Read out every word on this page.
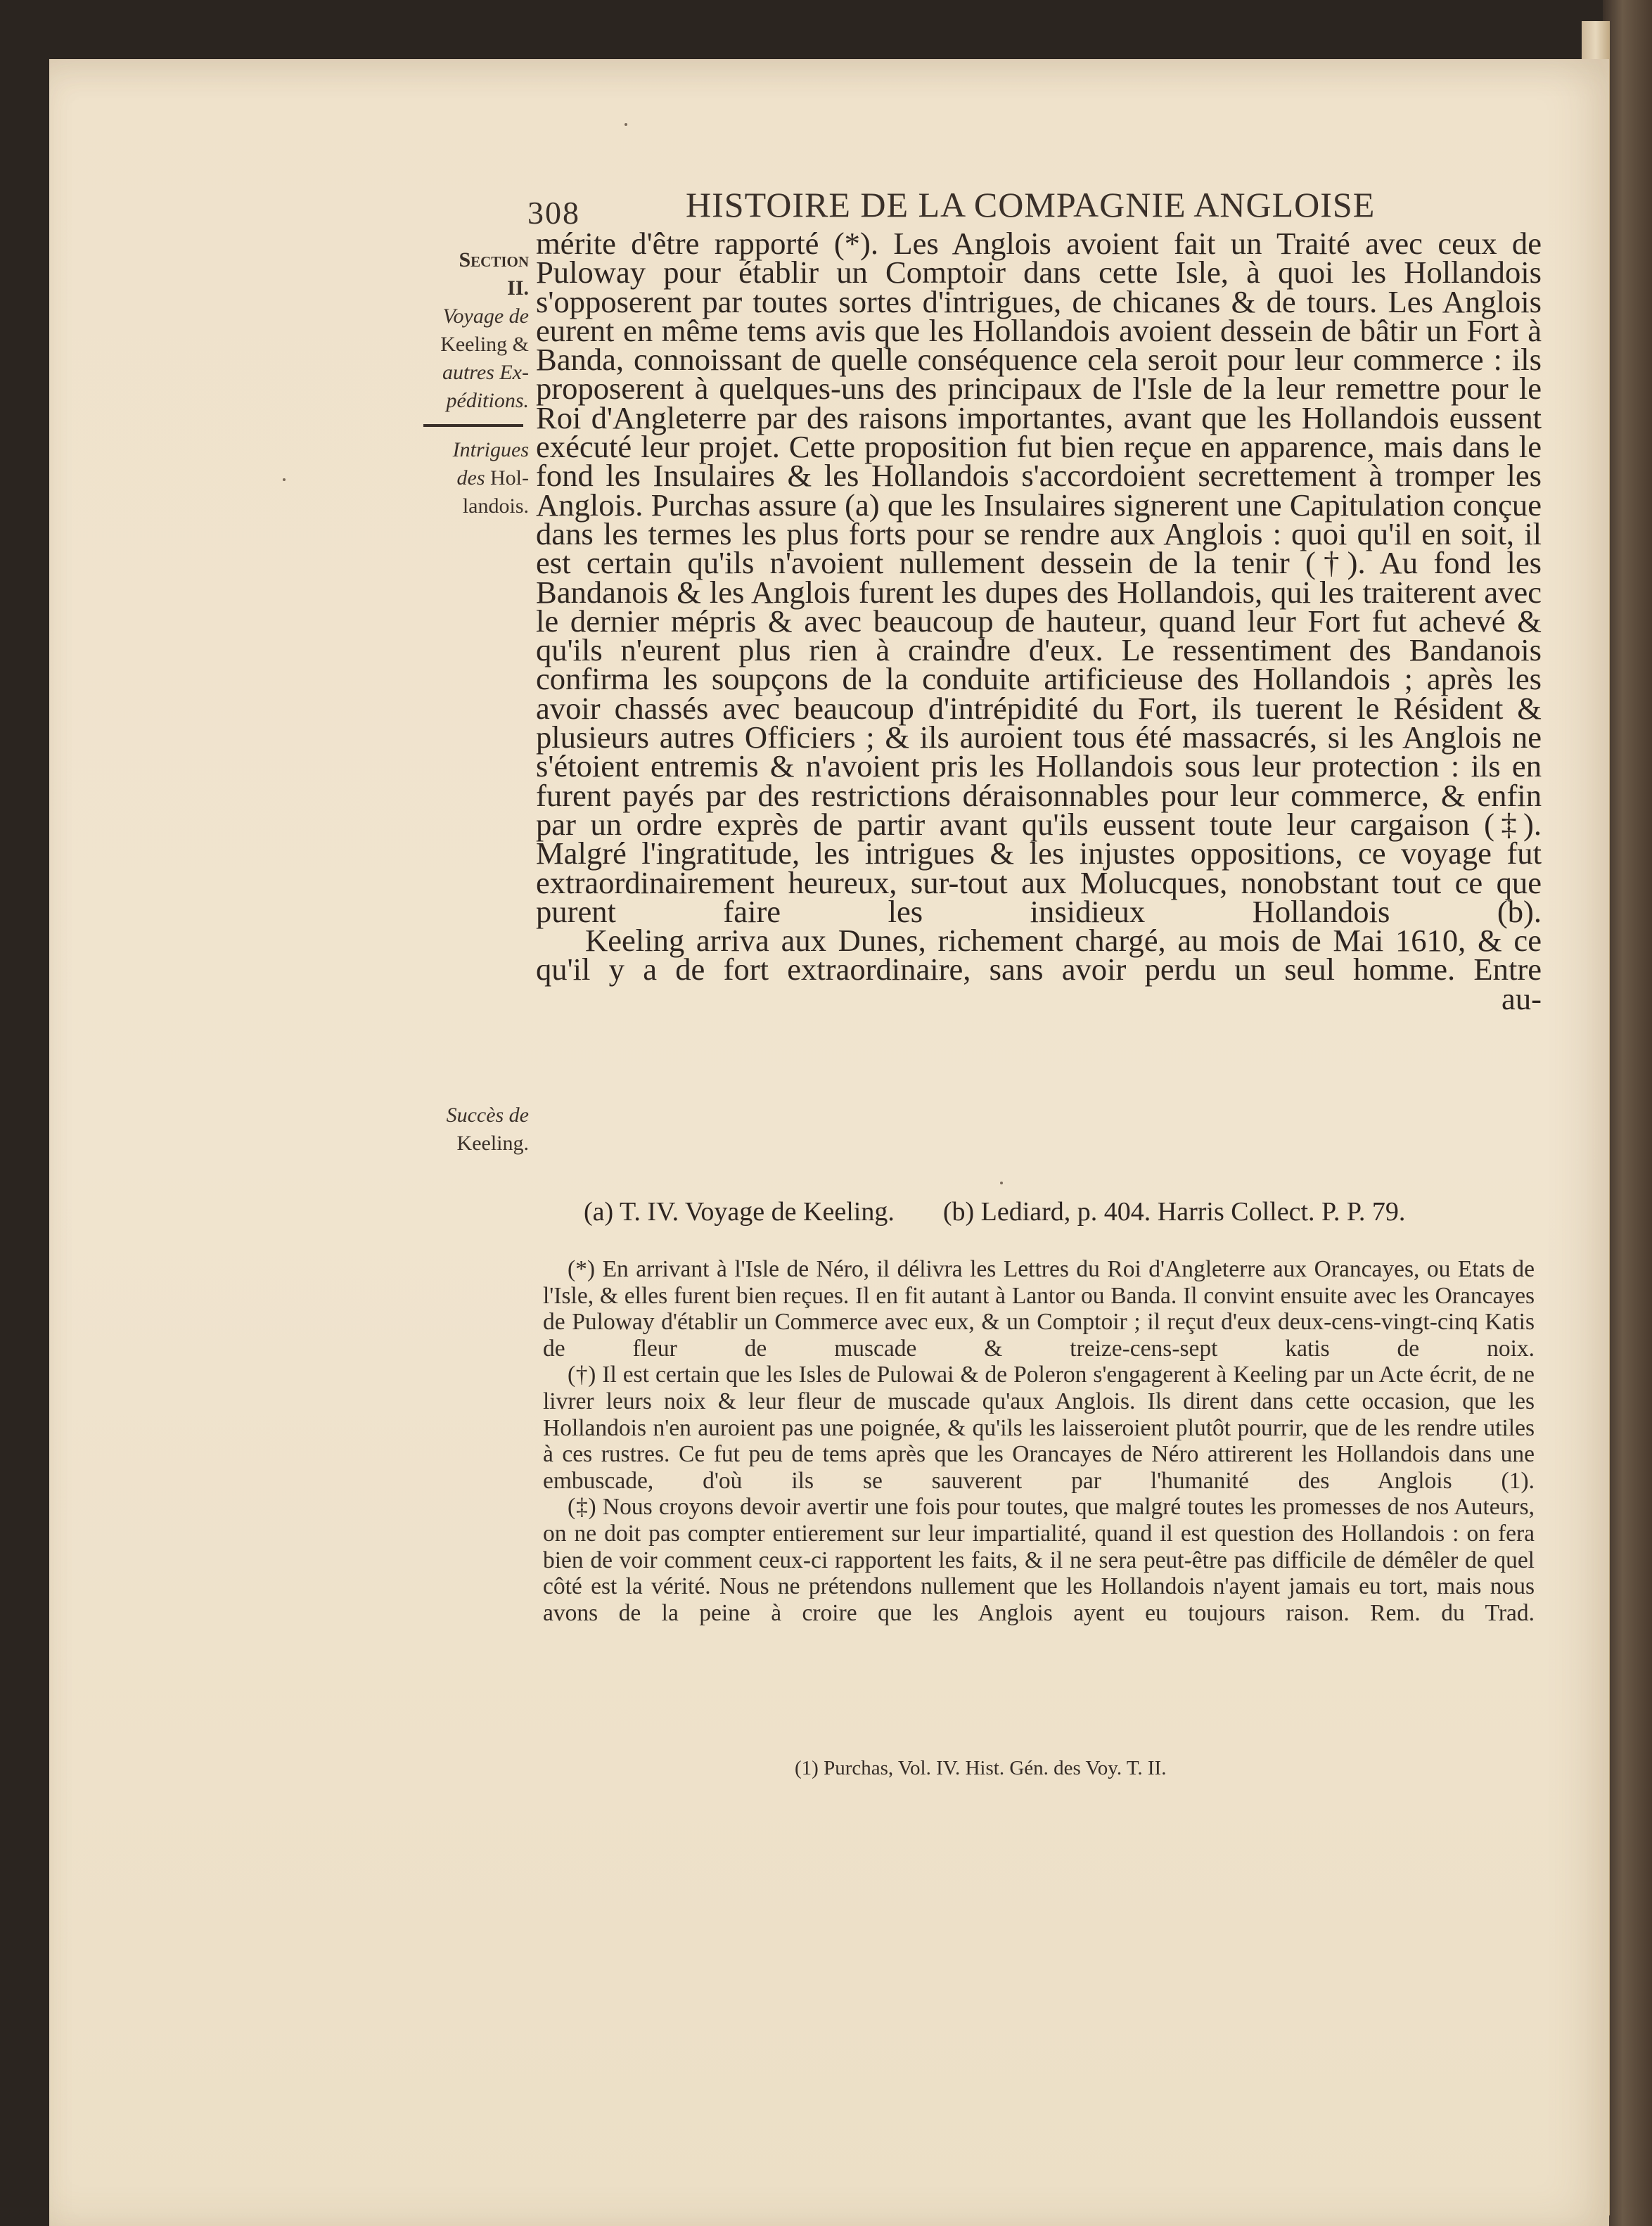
308	HISTOIRE DE LA COMPAGNIE ANGLOISE
Section
II.
Voyage de
Keeling &
autres Ex-
péditions.
Intrigues
des Hol-
landois.
Succès de
Keeling.

mérite d'être rapporté (*). Les Anglois avoient fait un Traité avec ceux de Puloway pour établir un Comptoir dans cette Isle, à quoi les Hollandois s'opposerent par toutes sortes d'intrigues, de chicanes & de tours. Les Anglois eurent en même tems avis que les Hollandois avoient dessein de bâtir un Fort à Banda, connoissant de quelle conséquence cela seroit pour leur commerce : ils proposerent à quelques-uns des principaux de l'Isle de la leur remettre pour le Roi d'Angleterre par des raisons importantes, avant que les Hollandois eussent exécuté leur projet. Cette proposition fut bien reçue en apparence, mais dans le fond les Insulaires & les Hollandois s'accordoient secrettement à tromper les Anglois. Purchas assure (a) que les Insulaires signerent une Capitulation conçue dans les termes les plus forts pour se rendre aux Anglois : quoi qu'il en soit, il est certain qu'ils n'avoient nullement dessein de la tenir (†). Au fond les Bandanois & les Anglois furent les dupes des Hollandois, qui les traiterent avec le dernier mépris & avec beaucoup de hauteur, quand leur Fort fut achevé & qu'ils n'eurent plus rien à craindre d'eux. Le ressentiment des Bandanois confirma les soupçons de la conduite artificieuse des Hollandois ; après les avoir chassés avec beaucoup d'intrépidité du Fort, ils tuerent le Résident & plusieurs autres Officiers ; & ils auroient tous été massacrés, si les Anglois ne s'étoient entremis & n'avoient pris les Hollandois sous leur protection : ils en furent payés par des restrictions déraisonnables pour leur commerce, & enfin par un ordre exprès de partir avant qu'ils eussent toute leur cargaison (‡). Malgré l'ingratitude, les intrigues & les injustes oppositions, ce voyage fut extraordinairement heureux, sur-tout aux Molucques, nonobstant tout ce que purent faire les insidieux Hollandois (b).

Keeling arriva aux Dunes, richement chargé, au mois de Mai 1610, & ce qu'il y a de fort extraordinaire, sans avoir perdu un seul homme. Entre

au-

(a) T. IV. Voyage de Keeling. (b) Lediard, p. 404. Harris Collect. P. P. 79.

(*) En arrivant à l'Isle de Néro, il délivra les Lettres du Roi d'Angleterre aux Orancayes, ou Etats de l'Isle, & elles furent bien reçues. Il en fit autant à Lantor ou Banda. Il convint ensuite avec les Orancayes de Puloway d'établir un Commerce avec eux, & un Comptoir ; il reçut d'eux deux-cens-vingt-cinq Katis de fleur de muscade & treize-cens-sept katis de noix.

(†) Il est certain que les Isles de Pulowai & de Poleron s'engagerent à Keeling par un Acte écrit, de ne livrer leurs noix & leur fleur de muscade qu'aux Anglois. Ils dirent dans cette occasion, que les Hollandois n'en auroient pas une poignée, & qu'ils les laisseroient plutôt pourrir, que de les rendre utiles à ces rustres. Ce fut peu de tems après que les Orancayes de Néro attirerent les Hollandois dans une embuscade, d'où ils se sauverent par l'humanité des Anglois (1).

(‡) Nous croyons devoir avertir une fois pour toutes, que malgré toutes les promesses de nos Auteurs, on ne doit pas compter entierement sur leur impartialité, quand il est question des Hollandois : on fera bien de voir comment ceux-ci rapportent les faits, & il ne sera peut-être pas difficile de démêler de quel côté est la vérité. Nous ne prétendons nullement que les Hollandois n'ayent jamais eu tort, mais nous avons de la peine à croire que les Anglois ayent eu toujours raison. Rem. du Trad.

(1) Purchas, Vol. IV. Hist. Gén. des Voy. T. II.
